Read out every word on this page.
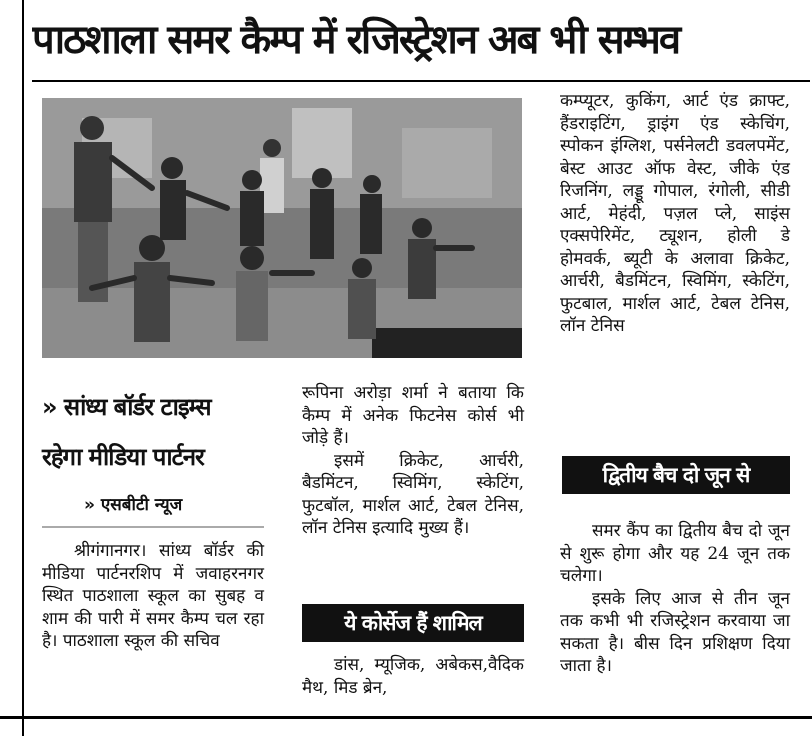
पाठशाला समर कैम्प में रजिस्ट्रेशन अब भी सम्भव

कम्प्यूटर, कुकिंग, आर्ट एंड क्राफ्ट, हैंडराइटिंग, ड्राइंग एंड स्केचिंग, स्पोकन इंग्लिश, पर्सनेलटी डवलपमेंट, बेस्ट आउट ऑफ वेस्ट, जीके एंड रिजनिंग, लड्डू गोपाल, रंगोली, सीडी आर्ट, मेहंदी, पज़ल प्ले, साइंस एक्सपेरिमेंट, ट्यूशन, होली डे होमवर्क, ब्यूटी के अलावा क्रिकेट, आर्चरी, बैडमिंटन, स्विमिंग, स्केटिंग, फुटबाल, मार्शल आर्ट, टेबल टेनिस, लॉन टेनिस

» सांध्य बॉर्डर टाइम्स
रहेगा मीडिया पार्टनर
» एसबीटी न्यूज

श्रीगंगानगर। सांध्य बॉर्डर की मीडिया पार्टनरशिप में जवाहरनगर स्थित पाठशाला स्कूल का सुबह व शाम की पारी में समर कैम्प चल रहा है। पाठशाला स्कूल की सचिव

रूपिना अरोड़ा शर्मा ने बताया कि कैम्प में अनेक फिटनेस कोर्स भी जोड़े हैं।

इसमें क्रिकेट, आर्चरी, बैडमिंटन, स्विमिंग, स्केटिंग, फुटबॉल, मार्शल आर्ट, टेबल टेनिस, लॉन टेनिस इत्यादि मुख्य हैं।

ये कोर्सेज हैं शामिल

डांस, म्यूजिक, अबेकस,वैदिक मैथ, मिड ब्रेन,

द्वितीय बैच दो जून से

समर कैंप का द्वितीय बैच दो जून से शुरू होगा और यह 24 जून तक चलेगा।

इसके लिए आज से तीन जून तक कभी भी रजिस्ट्रेशन करवाया जा सकता है। बीस दिन प्रशिक्षण दिया जाता है।
